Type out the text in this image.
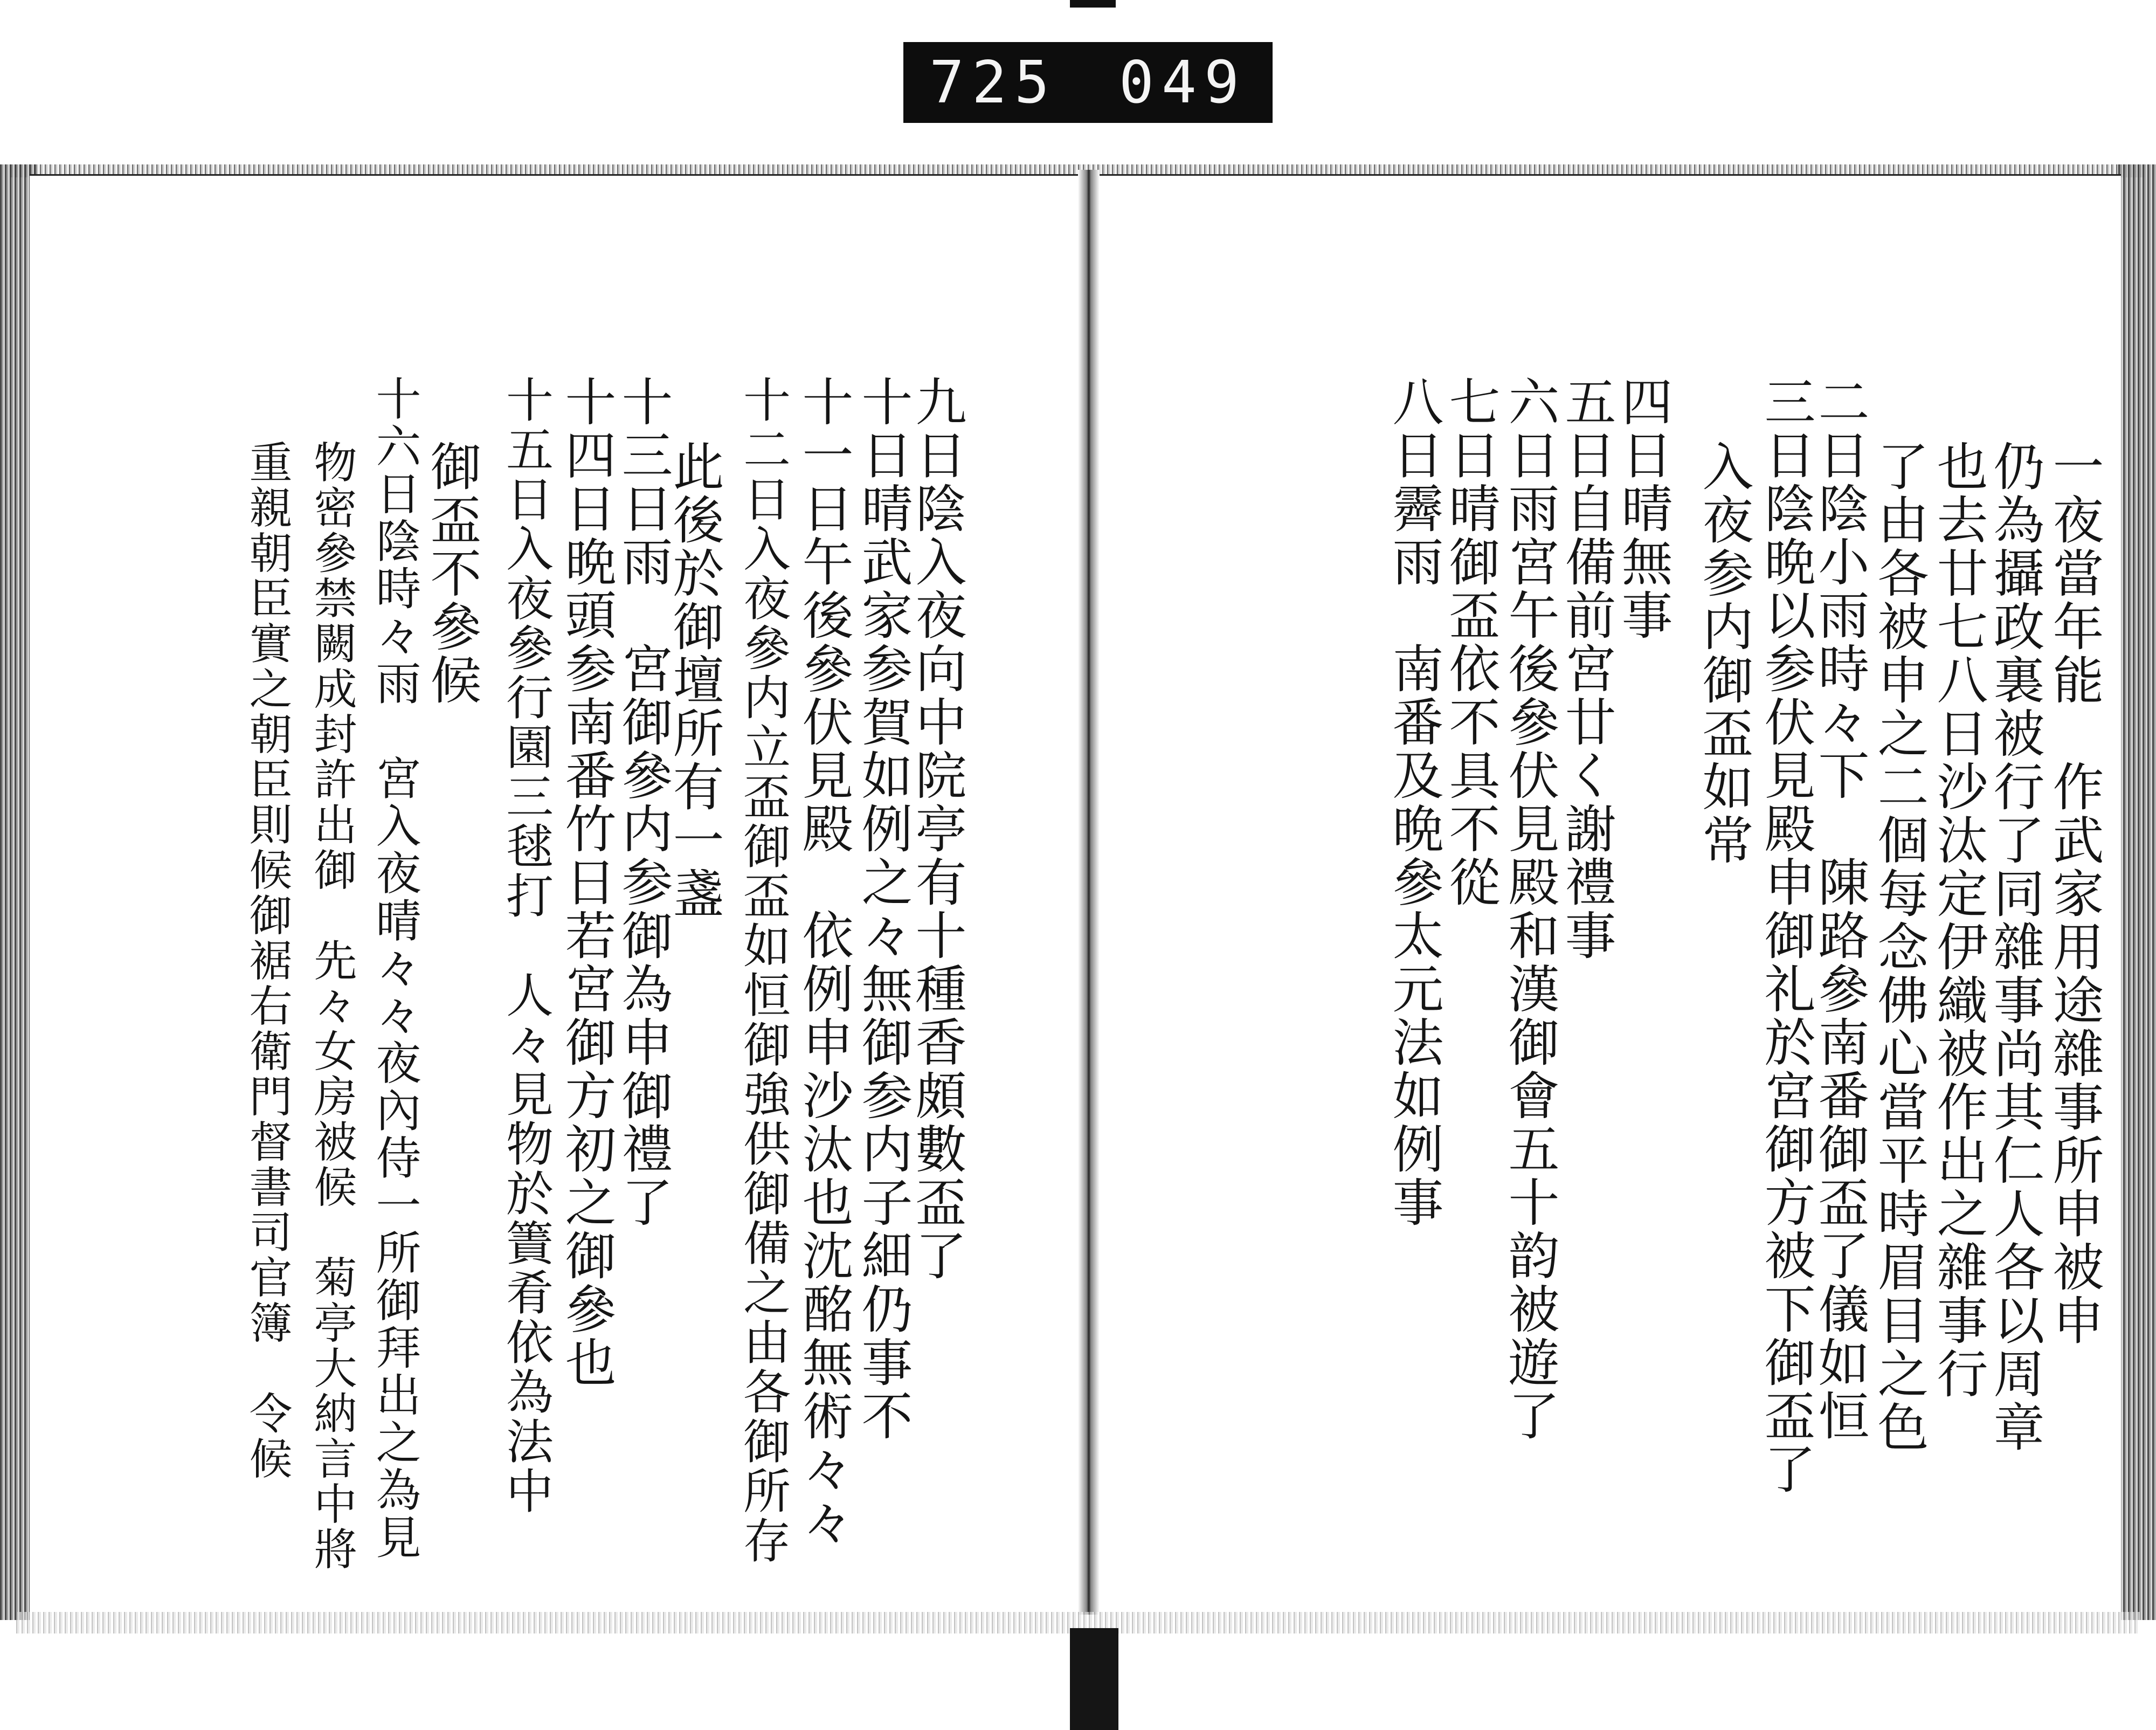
725 049
九日陰入夜向中院亭有十種香頗數盃了
十日晴武家参賀如例之々無御参内子細仍事不
十一日午後參伏見殿　依例申沙汰也沈酩無術々々
十二日入夜參内立盃御盃如恒御強供御備之由各御所存
此後於御壇所有一盞
十三日雨　宮御參内参御為申御禮了
十四日晩頭参南番竹日若宮御方初之御參也
十五日入夜參行園三毬打　人々見物於簀肴依為法中
御盃不參候
十六日陰時々雨　宮入夜晴々々夜內侍一所御拜出之為見
物密參禁闕成封許出御　先々女房被候　菊亭大納言中將
重親朝臣實之朝臣則候御裾右衛門督書司官簿　令候	一夜當年能　作武家用途雜事所申被申
仍為攝政裏被行了同雜事尚其仁人各以周章
也去廿七八日沙汰定伊織被作出之雜事行
了由各被申之二個每念佛心當平時眉目之色
二日陰小雨時々下　陳路參南番御盃了儀如恒
三日陰晩以参伏見殿申御礼於宮御方被下御盃了
入夜参内御盃如常
四日晴無事
五日自備前宮廿く謝禮事
六日雨宮午後參伏見殿和漢御會五十韵被遊了
七日晴御盃依不具不從
八日霽雨　南番及晩參太元法如例事
